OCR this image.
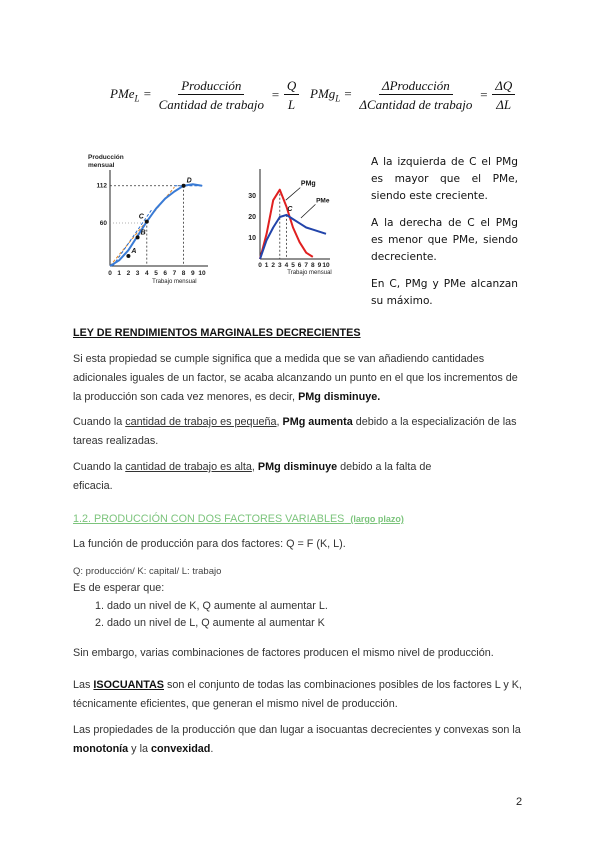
$PMe_L = \frac{\text{Producción}}{\text{Cantidad de trabajo}} = \frac{Q}{L} PMg_L = \frac{\text{ΔProducción}}{\text{ΔCantidad de trabajo}} = \frac{\Delta Q}{\Delta L}$
Producción
mensual
0 1 2 3 4 5 6 7 8 9 10
112
60
Trabajo mensual
A
B
C
D
0 1 2 3 4 5 6 7 8 9 10
30
20
10
Trabajo mensual
PMg
PMe
C

A la izquierda de C el PMg es mayor que el PMe, siendo este creciente.

A la derecha de C el PMg es menor que PMe, siendo decreciente.

En C, PMg y PMe alcanzan su máximo.

LEY DE RENDIMIENTOS MARGINALES DECRECIENTES
Si esta propiedad se cumple significa que a medida que se van añadiendo cantidades adicionales iguales de un factor, se acaba alcanzando un punto en el que los incrementos de la producción son cada vez menores, es decir, PMg disminuye.
Cuando la cantidad de trabajo es pequeña, PMg aumenta debido a la especialización de las tareas realizadas.
Cuando la cantidad de trabajo es alta, PMg disminuye debido a la falta de
eficacia.
1.2. PRODUCCIÓN CON DOS FACTORES VARIABLES (largo plazo)
La función de producción para dos factores: Q = F (K, L).
Q: producción/ K: capital/ L: trabajo
Es de esperar que:
1. dado un nivel de K, Q aumente al aumentar L.
2. dado un nivel de L, Q aumente al aumentar K
Sin embargo, varias combinaciones de factores producen el mismo nivel de producción.
Las ISOCUANTAS son el conjunto de todas las combinaciones posibles de los factores L y K, técnicamente eficientes, que generan el mismo nivel de producción.
Las propiedades de la producción que dan lugar a isocuantas decrecientes y convexas son la monotonía y la convexidad.
2
